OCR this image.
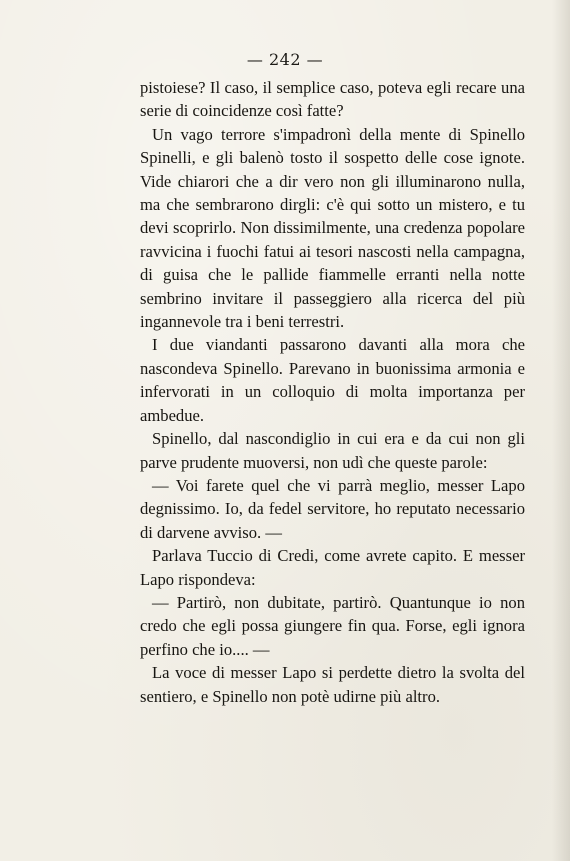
— 242 —

pistoiese? Il caso, il semplice caso, poteva egli recare una serie di coincidenze così fatte?

Un vago terrore s'impadronì della mente di Spinello Spinelli, e gli balenò tosto il sospetto delle cose ignote. Vide chiarori che a dir vero non gli illuminarono nulla, ma che sembrarono dirgli: c'è qui sotto un mistero, e tu devi scoprirlo. Non dissimilmente, una credenza popolare ravvicina i fuochi fatui ai tesori nascosti nella campagna, di guisa che le pallide fiammelle erranti nella notte sembrino invitare il passeggiero alla ricerca del più ingannevole tra i beni terrestri.

I due viandanti passarono davanti alla mora che nascondeva Spinello. Parevano in buonissima armonia e infervorati in un colloquio di molta importanza per ambedue.

Spinello, dal nascondiglio in cui era e da cui non gli parve prudente muoversi, non udì che queste parole:

— Voi farete quel che vi parrà meglio, messer Lapo degnissimo. Io, da fedel servitore, ho reputato necessario di darvene avviso. —

Parlava Tuccio di Credi, come avrete capito. E messer Lapo rispondeva:

— Partirò, non dubitate, partirò. Quantunque io non credo che egli possa giungere fin qua. Forse, egli ignora perfino che io.... —

La voce di messer Lapo si perdette dietro la svolta del sentiero, e Spinello non potè udirne più altro.
